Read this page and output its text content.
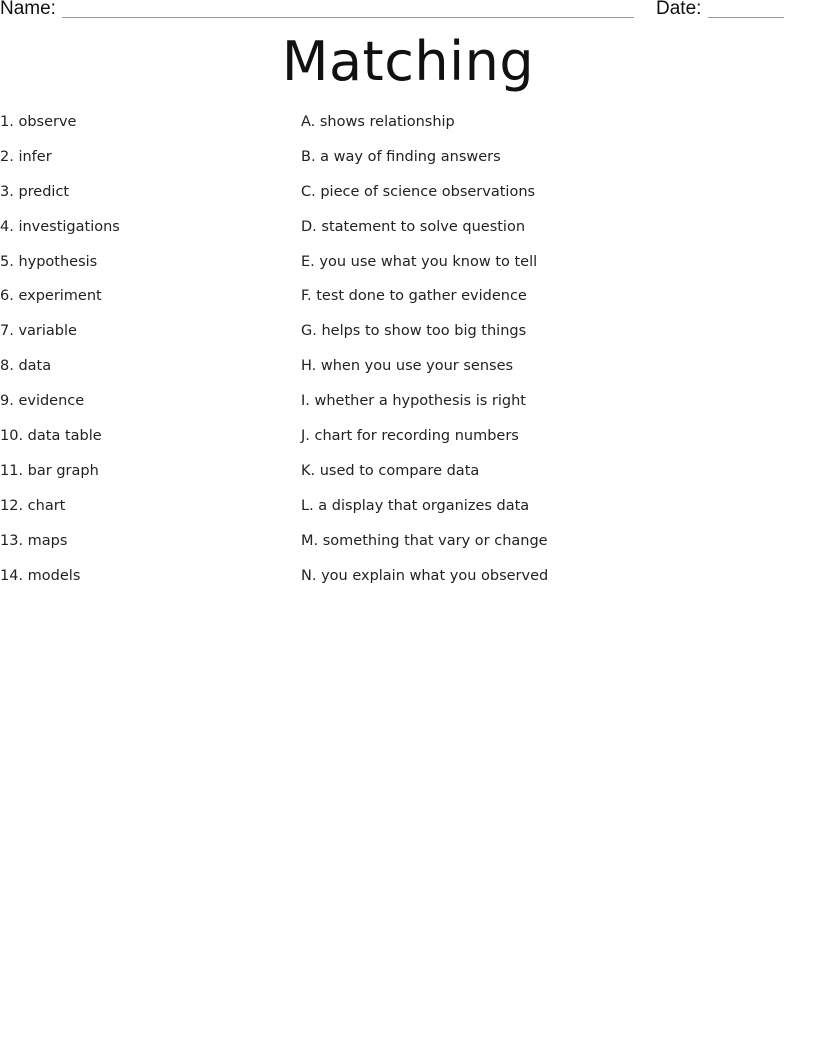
Name:	Date:
Matching
1. observe	A. shows relationship
2. infer	B. a way of finding answers
3. predict	C. piece of science observations
4. investigations	D. statement to solve question
5. hypothesis	E. you use what you know to tell
6. experiment	F. test done to gather evidence
7. variable	G. helps to show too big things
8. data	H. when you use your senses
9. evidence	I. whether a hypothesis is right
10. data table	J. chart for recording numbers
11. bar graph	K. used to compare data
12. chart	L. a display that organizes data
13. maps	M. something that vary or change
14. models	N. you explain what you observed
